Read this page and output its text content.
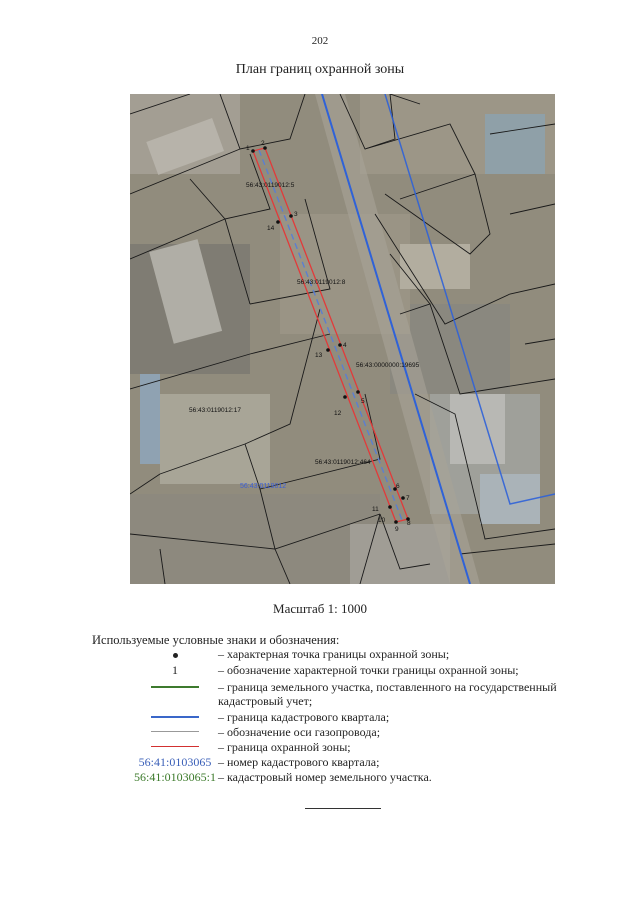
202
План границ охранной зоны
1
2
3
14
4
13
5
12
6
7
11
10
9
8
56:43:0119012:5
56:43:0119012:8
56:43:0000000:19695
56:43:0119012:17
56:43:0119012:464
56:43:0119012
Масштаб 1: 1000
Используемые условные знаки и обозначения:
– характерная точка границы охранной зоны;
1	– обозначение характерной точки границы охранной зоны;
– граница земельного участка, поставленного на государственный кадастровый учет;
– граница кадастрового квартала;
– обозначение оси газопровода;
– граница охранной зоны;
56:41:0103065 – номер кадастрового квартала;
56:41:0103065:1 – кадастровый номер земельного участка.
